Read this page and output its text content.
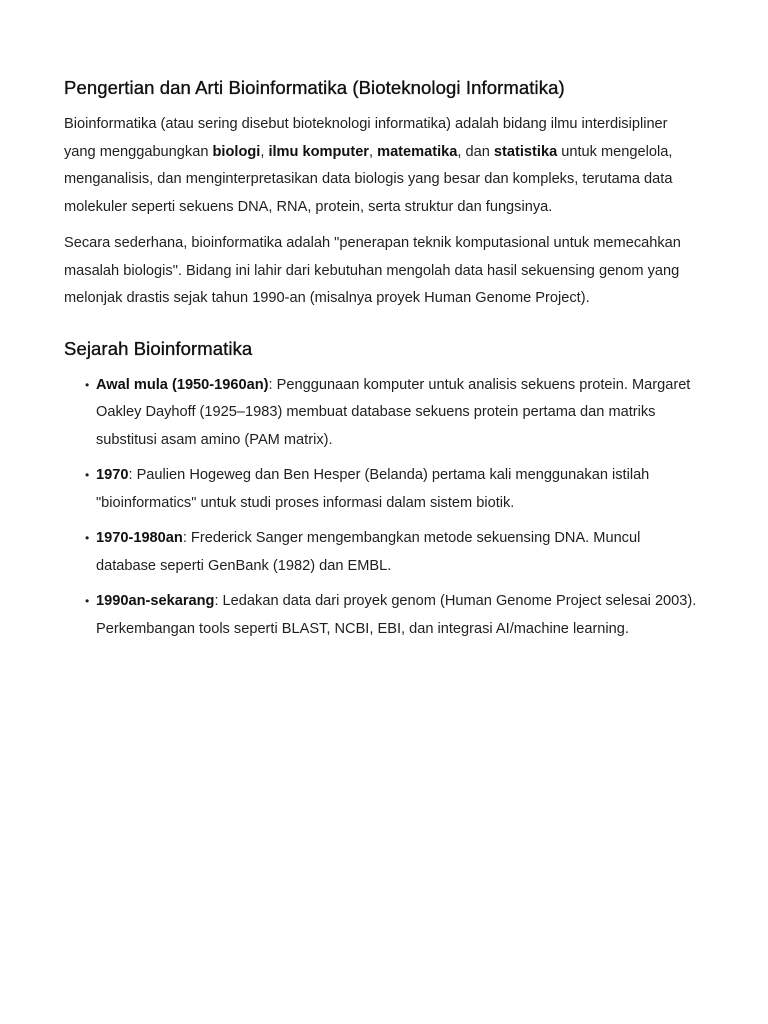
Pengertian dan Arti Bioinformatika (Bioteknologi Informatika)

Bioinformatika (atau sering disebut bioteknologi informatika) adalah bidang ilmu interdisipliner yang menggabungkan biologi, ilmu komputer, matematika, dan statistika untuk mengelola, menganalisis, dan menginterpretasikan data biologis yang besar dan kompleks, terutama data molekuler seperti sekuens DNA, RNA, protein, serta struktur dan fungsinya.

Secara sederhana, bioinformatika adalah "penerapan teknik komputasional untuk memecahkan masalah biologis". Bidang ini lahir dari kebutuhan mengolah data hasil sekuensing genom yang melonjak drastis sejak tahun 1990-an (misalnya proyek Human Genome Project).

Sejarah Bioinformatika
• Awal mula (1950-1960an): Penggunaan komputer untuk analisis sekuens protein. Margaret Oakley Dayhoff (1925–1983) membuat database sekuens protein pertama dan matriks substitusi asam amino (PAM matrix).
• 1970: Paulien Hogeweg dan Ben Hesper (Belanda) pertama kali menggunakan istilah "bioinformatics" untuk studi proses informasi dalam sistem biotik.
• 1970-1980an: Frederick Sanger mengembangkan metode sekuensing DNA. Muncul database seperti GenBank (1982) dan EMBL.
• 1990an-sekarang: Ledakan data dari proyek genom (Human Genome Project selesai 2003). Perkembangan tools seperti BLAST, NCBI, EBI, dan integrasi AI/machine learning.
